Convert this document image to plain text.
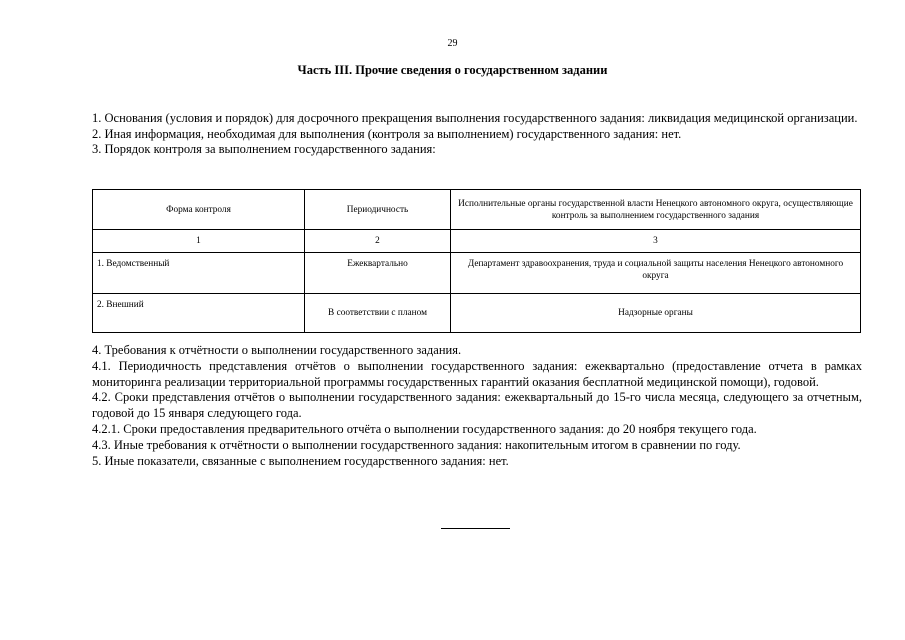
29
Часть III. Прочие сведения о государственном задании

1. Основания (условия и порядок) для досрочного прекращения выполнения государственного задания: ликвидация медицинской организации.

2. Иная информация, необходимая для выполнения (контроля за выполнением) государственного задания: нет.

3. Порядок контроля за выполнением государственного задания:

Форма контроля	Периодичность	Исполнительные органы государственной власти Ненецкого автономного округа, осуществляющие контроль за выполнением государственного задания
1	2	3
1. Ведомственный	Ежеквартально	Департамент здравоохранения, труда и социальной защиты населения Ненецкого автономного округа
2. Внешний	В соответствии с планом	Надзорные органы

4. Требования к отчётности о выполнении государственного задания.

4.1. Периодичность представления отчётов о выполнении государственного задания: ежеквартально (предоставление отчета в рамках мониторинга реализации территориальной программы государственных гарантий оказания бесплатной медицинской помощи), годовой.

4.2. Сроки представления отчётов о выполнении государственного задания: ежеквартальный до 15-го числа месяца, следующего за отчетным, годовой до 15 января следующего года.

4.2.1. Сроки предоставления предварительного отчёта о выполнении государственного задания: до 20 ноября текущего года.

4.3. Иные требования к отчётности о выполнении государственного задания: накопительным итогом в сравнении по году.

5. Иные показатели, связанные с выполнением государственного задания: нет.
